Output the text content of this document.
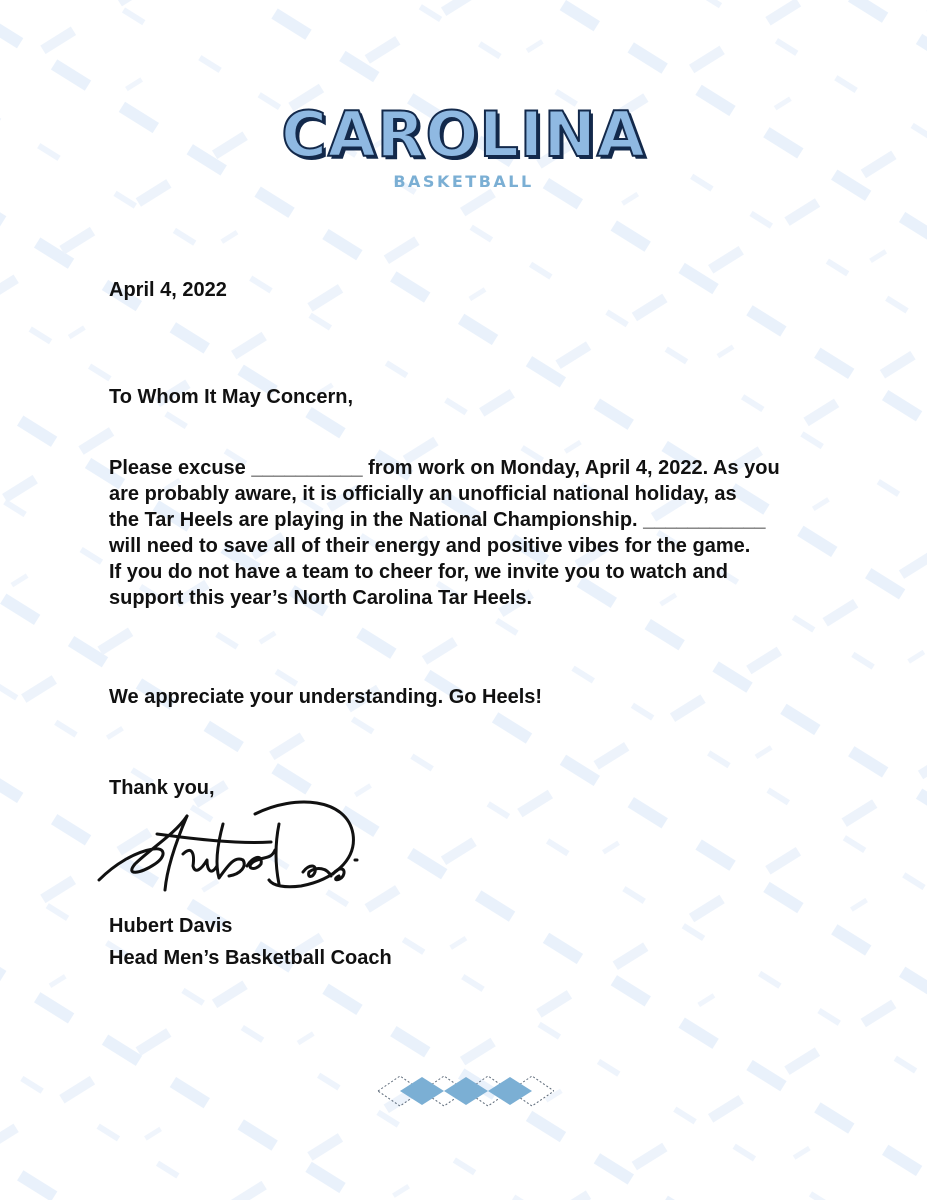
CAROLINA
BASKETBALL

April 4, 2022

To Whom It May Concern,

Please excuse __________ from work on Monday, April 4, 2022. As you
are probably aware, it is officially an unofficial national holiday, as
the Tar Heels are playing in the National Championship. ___________
will need to save all of their energy and positive vibes for the game.
If you do not have a team to cheer for, we invite you to watch and
support this year’s North Carolina Tar Heels.

We appreciate your understanding. Go Heels!

Thank you,

Hubert Davis

Head Men’s Basketball Coach
